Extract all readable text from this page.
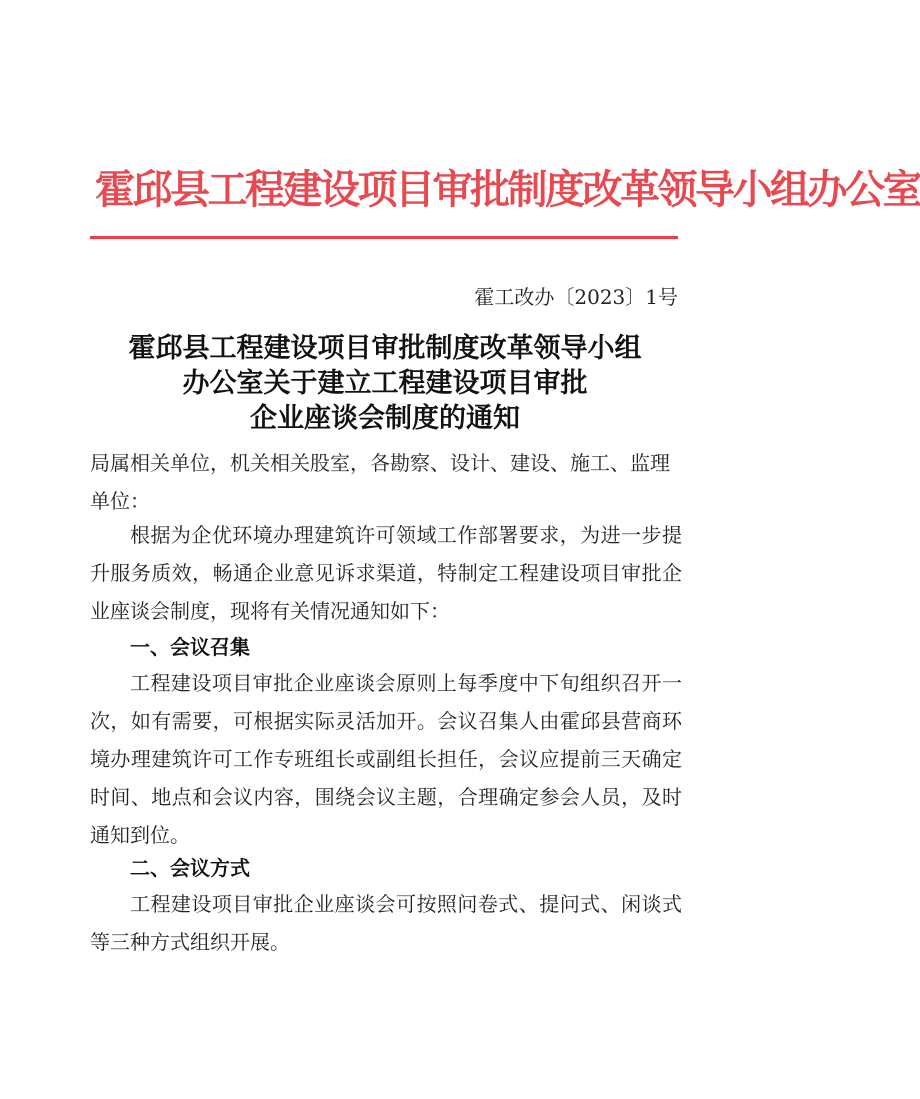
霍邱县工程建设项目审批制度改革领导小组办公室
霍工改办〔2023〕1号
霍邱县工程建设项目审批制度改革领导小组
办公室关于建立工程建设项目审批
企业座谈会制度的通知
局属相关单位，机关相关股室，各勘察、设计、建设、施工、监理单位：
根据为企优环境办理建筑许可领域工作部署要求，为进一步提升服务质效，畅通企业意见诉求渠道，特制定工程建设项目审批企业座谈会制度，现将有关情况通知如下：
一、会议召集
工程建设项目审批企业座谈会原则上每季度中下旬组织召开一次，如有需要，可根据实际灵活加开。会议召集人由霍邱县营商环境办理建筑许可工作专班组长或副组长担任，会议应提前三天确定时间、地点和会议内容，围绕会议主题，合理确定参会人员，及时通知到位。
二、会议方式
工程建设项目审批企业座谈会可按照问卷式、提问式、闲谈式等三种方式组织开展。
